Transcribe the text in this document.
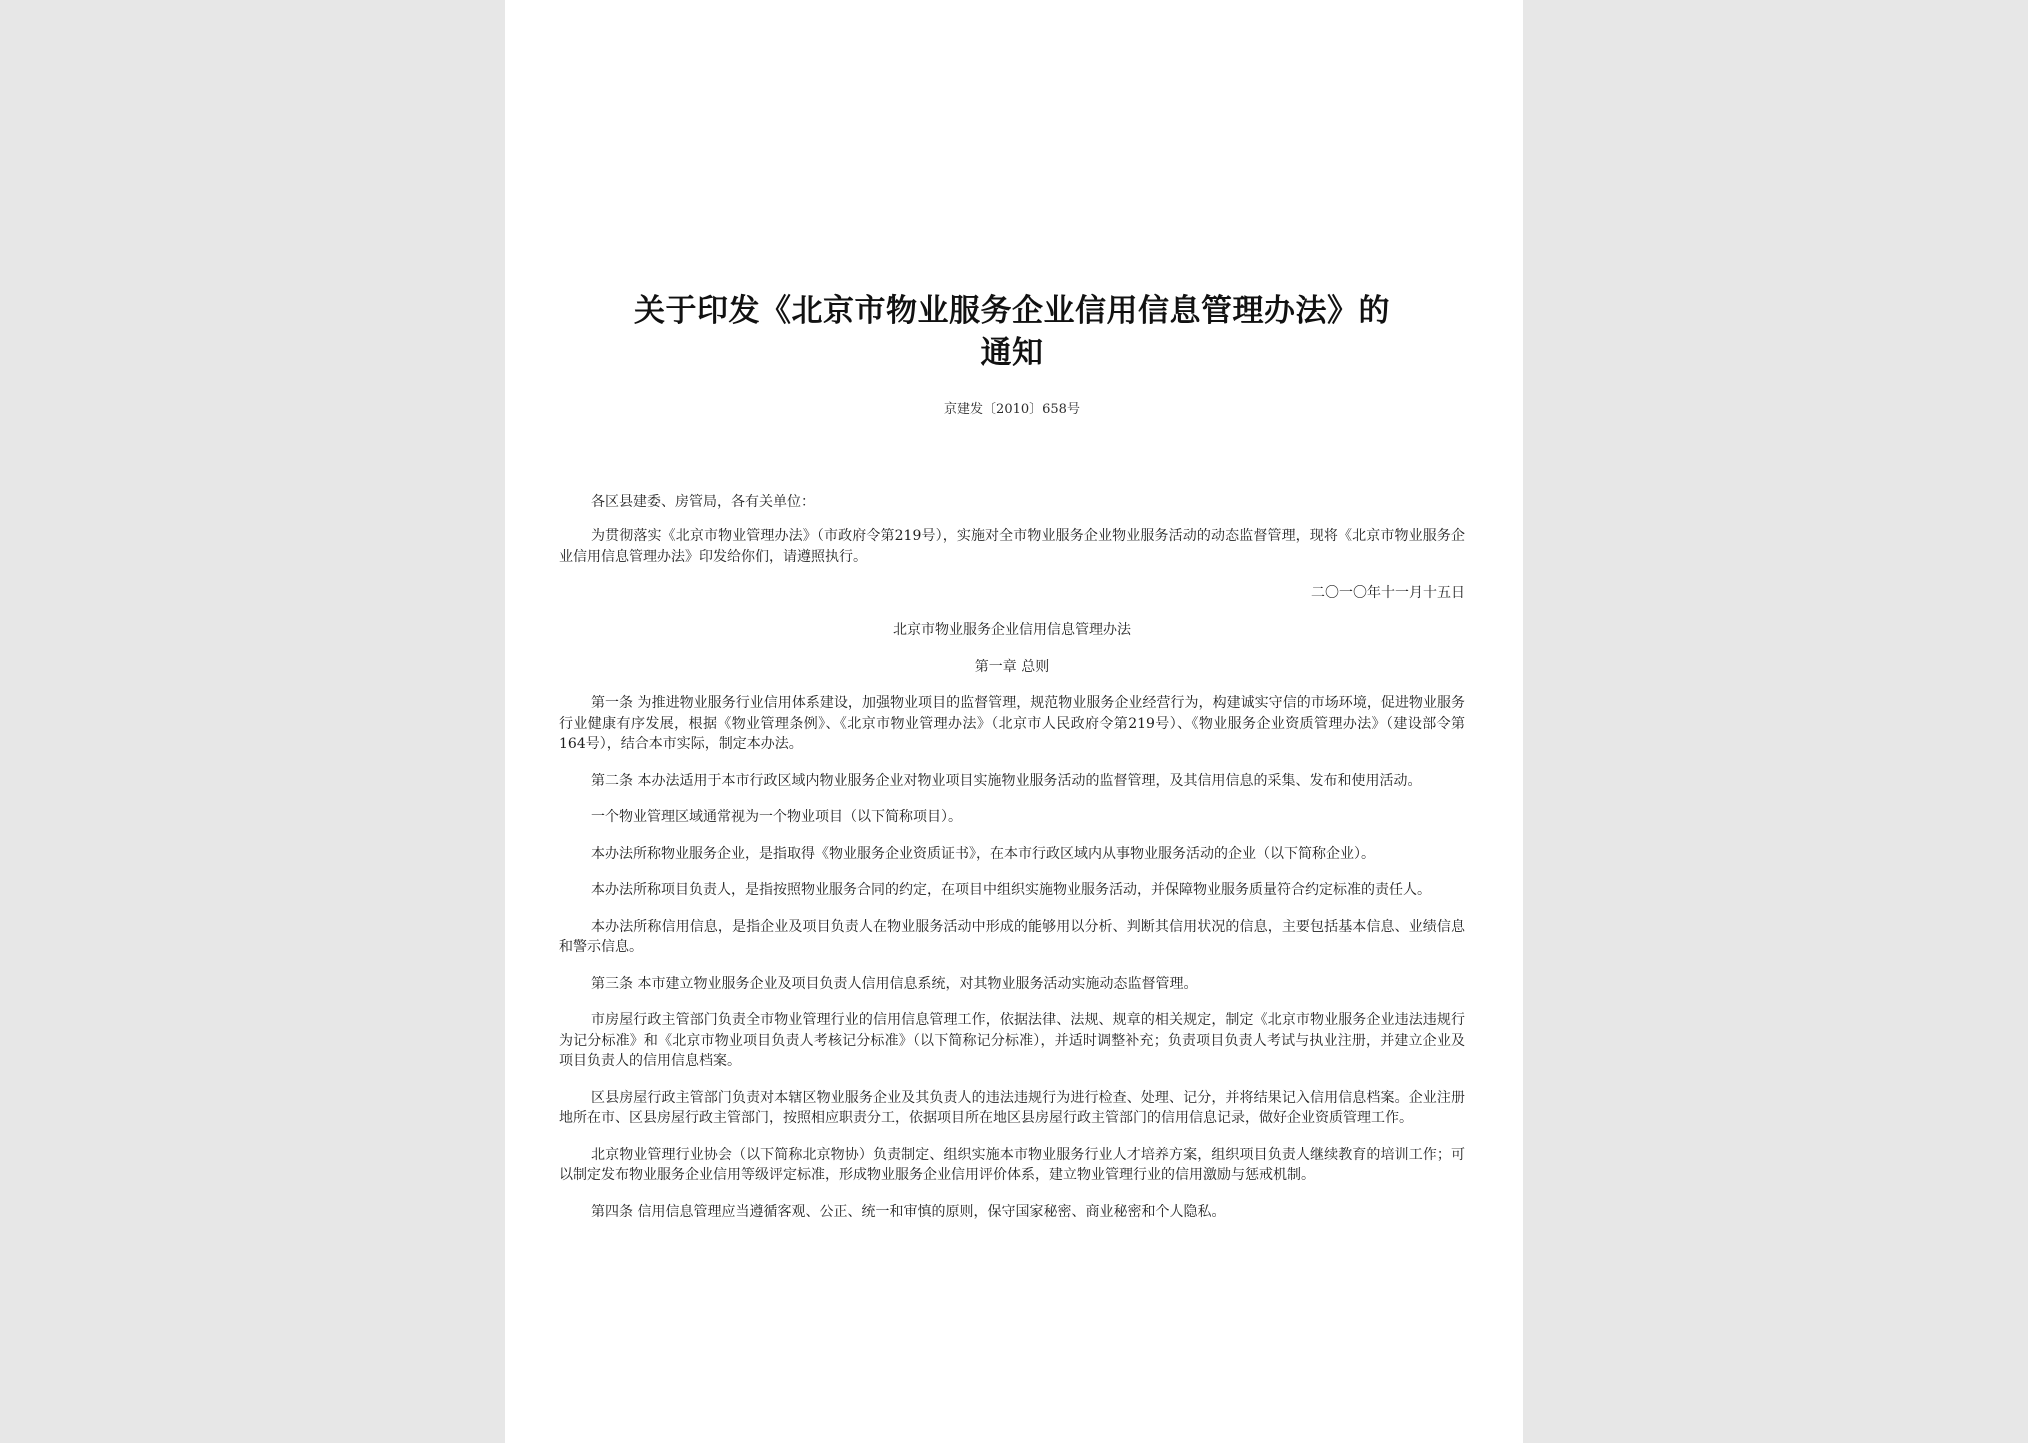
关于印发《北京市物业服务企业信用信息管理办法》的
通知
京建发〔2010〕658号
各区县建委、房管局，各有关单位：

为贯彻落实《北京市物业管理办法》（市政府令第219号），实施对全市物业服务企业物业服务活动的动态监督管理，现将《北京市物业服务企业信用信息管理办法》印发给你们，请遵照执行。

二〇一〇年十一月十五日
北京市物业服务企业信用信息管理办法
第一章 总则

第一条 为推进物业服务行业信用体系建设，加强物业项目的监督管理，规范物业服务企业经营行为，构建诚实守信的市场环境，促进物业服务行业健康有序发展，根据《物业管理条例》、《北京市物业管理办法》（北京市人民政府令第219号）、《物业服务企业资质管理办法》（建设部令第164号），结合本市实际，制定本办法。

第二条 本办法适用于本市行政区域内物业服务企业对物业项目实施物业服务活动的监督管理，及其信用信息的采集、发布和使用活动。

一个物业管理区域通常视为一个物业项目（以下简称项目）。

本办法所称物业服务企业，是指取得《物业服务企业资质证书》，在本市行政区域内从事物业服务活动的企业（以下简称企业）。

本办法所称项目负责人，是指按照物业服务合同的约定，在项目中组织实施物业服务活动，并保障物业服务质量符合约定标准的责任人。

本办法所称信用信息，是指企业及项目负责人在物业服务活动中形成的能够用以分析、判断其信用状况的信息，主要包括基本信息、业绩信息和警示信息。

第三条 本市建立物业服务企业及项目负责人信用信息系统，对其物业服务活动实施动态监督管理。

市房屋行政主管部门负责全市物业管理行业的信用信息管理工作，依据法律、法规、规章的相关规定，制定《北京市物业服务企业违法违规行为记分标准》和《北京市物业项目负责人考核记分标准》（以下简称记分标准），并适时调整补充；负责项目负责人考试与执业注册，并建立企业及项目负责人的信用信息档案。

区县房屋行政主管部门负责对本辖区物业服务企业及其负责人的违法违规行为进行检查、处理、记分，并将结果记入信用信息档案。企业注册地所在市、区县房屋行政主管部门，按照相应职责分工，依据项目所在地区县房屋行政主管部门的信用信息记录，做好企业资质管理工作。

北京物业管理行业协会（以下简称北京物协）负责制定、组织实施本市物业服务行业人才培养方案，组织项目负责人继续教育的培训工作；可以制定发布物业服务企业信用等级评定标准，形成物业服务企业信用评价体系，建立物业管理行业的信用激励与惩戒机制。

第四条 信用信息管理应当遵循客观、公正、统一和审慎的原则，保守国家秘密、商业秘密和个人隐私。
